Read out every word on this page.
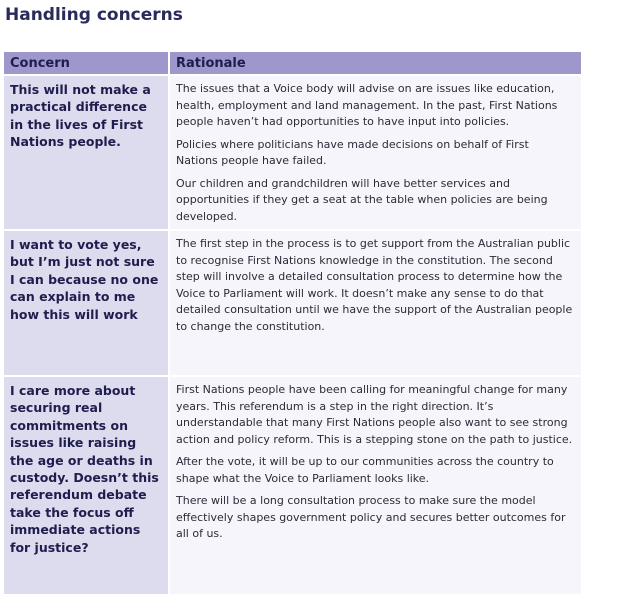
Handling concerns
Concern	Rationale
This will not make a practical difference in the lives of First Nations people.	The issues that a Voice body will advise on are issues like education, health, employment and land management. In the past, First Nations people haven’t had opportunities to have input into policies.

Policies where politicians have made decisions on behalf of First Nations people have failed.

Our children and grandchildren will have better services and opportunities if they get a seat at the table when policies are being developed.

I want to vote yes, but I’m just not sure I can because no one can explain to me how this will work	The first step in the process is to get support from the Australian public to recognise First Nations knowledge in the constitution. The second step will involve a detailed consultation process to determine how the Voice to Parliament will work. It doesn’t make any sense to do that detailed consultation until we have the support of the Australian people to change the constitution.

I care more about securing real commitments on issues like raising the age or deaths in custody. Doesn’t this referendum debate take the focus off immediate actions for justice?	First Nations people have been calling for meaningful change for many years. This referendum is a step in the right direction. It’s understandable that many First Nations people also want to see strong action and policy reform. This is a stepping stone on the path to justice.

After the vote, it will be up to our communities across the country to shape what the Voice to Parliament looks like.

There will be a long consultation process to make sure the model effectively shapes government policy and secures better outcomes for all of us.
